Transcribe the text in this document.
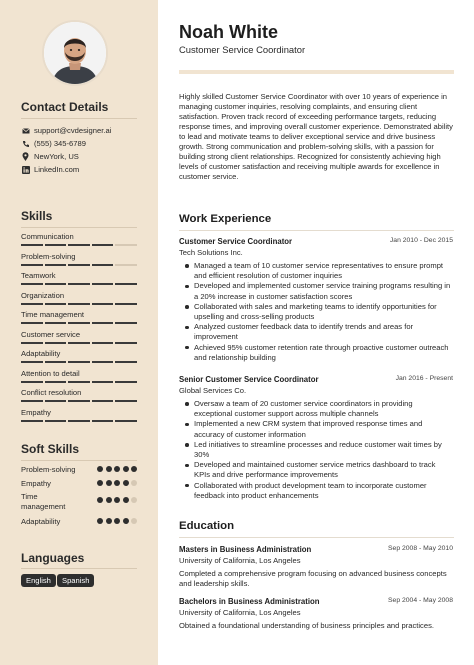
Contact Details
support@cvdesigner.ai
(555) 345-6789
NewYork, US
LinkedIn.com
Skills
Soft Skills
Languages
English	Spanish
Communication
Problem-solving
Teamwork
Organization
Time management
Customer service
Adaptability
Attention to detail
Conflict resolution
Empathy
Problem-solving
Empathy
Time management
Adaptability
Noah White
Customer Service Coordinator

Highly skilled Customer Service Coordinator with over 10 years of experience in managing customer inquiries, resolving complaints, and ensuring client satisfaction. Proven track record of exceeding performance targets, reducing response times, and improving overall customer experience. Demonstrated ability to lead and motivate teams to deliver exceptional service and drive business growth. Strong communication and problem-solving skills, with a passion for building strong client relationships. Recognized for consistently achieving high levels of customer satisfaction and receiving multiple awards for excellence in customer service.

Work Experience
Customer Service Coordinator	Jan 2010 - Dec 2015
Tech Solutions Inc.
Managed a team of 10 customer service representatives to ensure prompt and efficient resolution of customer inquiries
Developed and implemented customer service training programs resulting in a 20% increase in customer satisfaction scores
Collaborated with sales and marketing teams to identify opportunities for upselling and cross-selling products
Analyzed customer feedback data to identify trends and areas for improvement
Achieved 95% customer retention rate through proactive customer outreach and relationship building
Senior Customer Service Coordinator	Jan 2016 - Present
Global Services Co.
Oversaw a team of 20 customer service coordinators in providing exceptional customer support across multiple channels
Implemented a new CRM system that improved response times and accuracy of customer information
Led initiatives to streamline processes and reduce customer wait times by 30%
Developed and maintained customer service metrics dashboard to track KPIs and drive performance improvements
Collaborated with product development team to incorporate customer feedback into product enhancements
Education
Masters in Business Administration	Sep 2008 - May 2010
University of California, Los Angeles

Completed a comprehensive program focusing on advanced business concepts and leadership skills.

Bachelors in Business Administration	Sep 2004 - May 2008
University of California, Los Angeles

Obtained a foundational understanding of business principles and practices.
